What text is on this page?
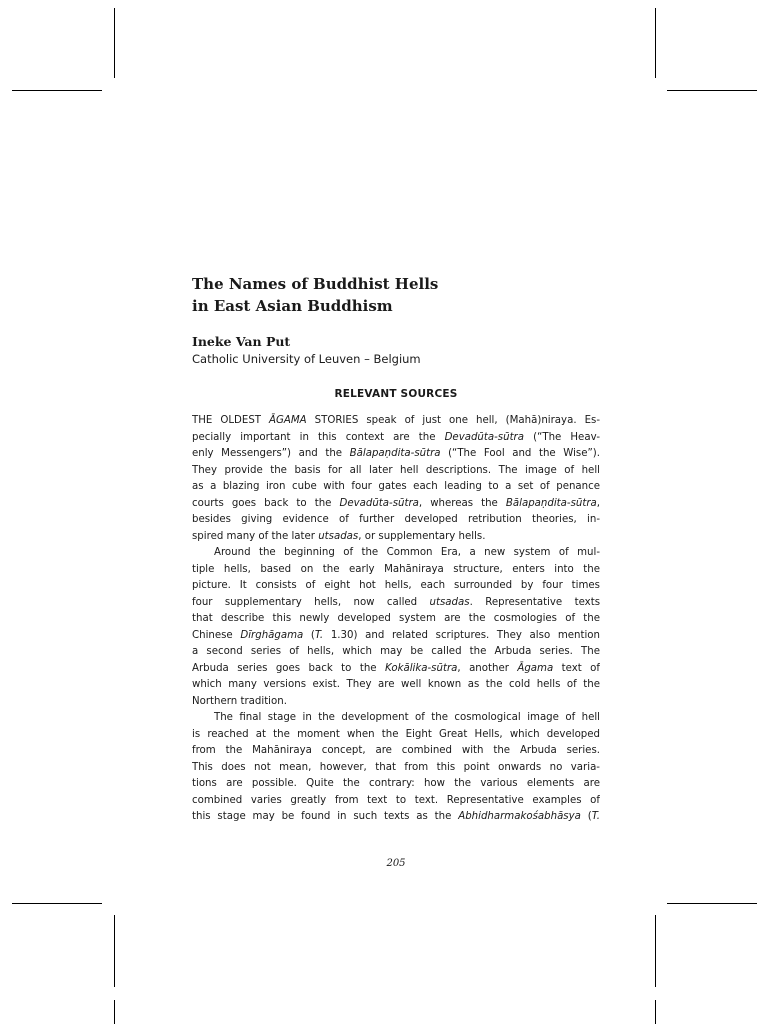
The Names of Buddhist Hells
in East Asian Buddhism

Ineke Van Put

Catholic University of Leuven – Belgium

RELEVANT SOURCES
THE OLDEST ĀGAMA STORIES speak of just one hell, (Mahā)niraya. Es-
pecially important in this context are the Devadūta-sūtra (“The Heav-
enly Messengers”) and the Bālapaṇdita-sūtra (“The Fool and the Wise”).
They provide the basis for all later hell descriptions. The image of hell
as a blazing iron cube with four gates each leading to a set of penance
courts goes back to the Devadūta-sūtra, whereas the Bālapaṇdita-sūtra,
besides giving evidence of further developed retribution theories, in-
spired many of the later utsadas, or supplementary hells.
Around the beginning of the Common Era, a new system of mul-
tiple hells, based on the early Mahāniraya structure, enters into the
picture. It consists of eight hot hells, each surrounded by four times
four supplementary hells, now called utsadas. Representative texts
that describe this newly developed system are the cosmologies of the
Chinese Dīrghāgama (T. 1.30) and related scriptures. They also mention
a second series of hells, which may be called the Arbuda series. The
Arbuda series goes back to the Kokālika-sūtra, another Āgama text of
which many versions exist. They are well known as the cold hells of the
Northern tradition.
The final stage in the development of the cosmological image of hell
is reached at the moment when the Eight Great Hells, which developed
from the Mahāniraya concept, are combined with the Arbuda series.
This does not mean, however, that from this point onwards no varia-
tions are possible. Quite the contrary: how the various elements are
combined varies greatly from text to text. Representative examples of
this stage may be found in such texts as the Abhidharmakośabhāsya (T.

205
